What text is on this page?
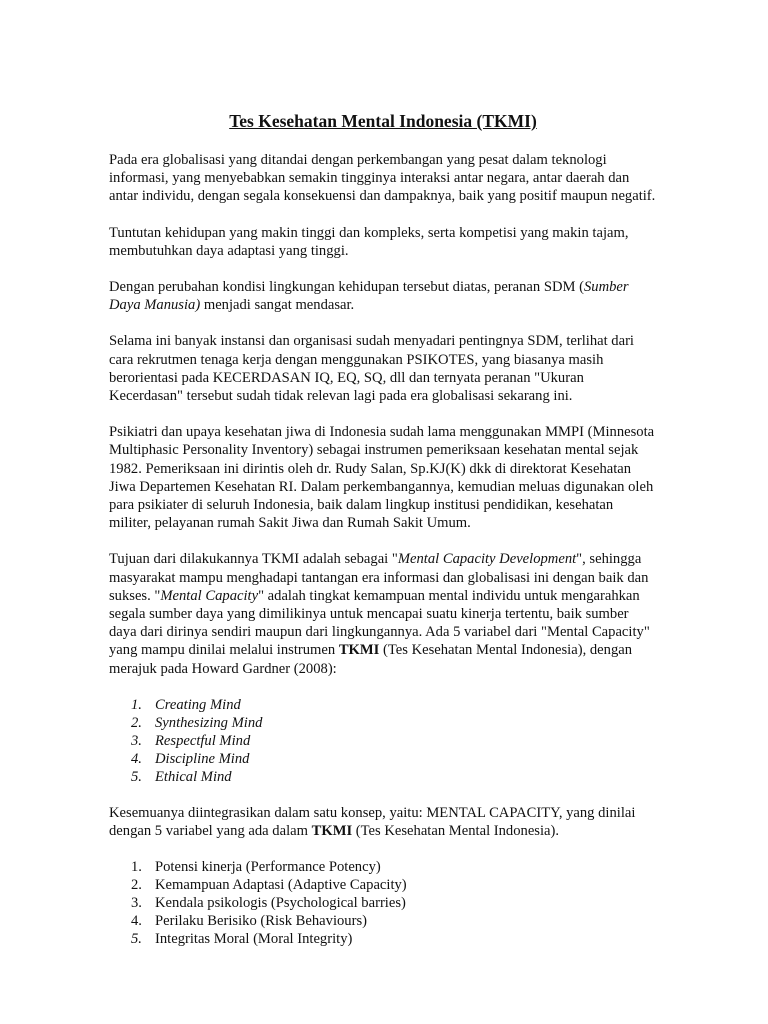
Tes Kesehatan Mental Indonesia (TKMI)

Pada era globalisasi yang ditandai dengan perkembangan yang pesat dalam teknologi informasi, yang menyebabkan semakin tingginya interaksi antar negara, antar daerah dan antar individu, dengan segala konsekuensi dan dampaknya, baik yang positif maupun negatif.

Tuntutan kehidupan yang makin tinggi dan kompleks, serta kompetisi yang makin tajam, membutuhkan daya adaptasi yang tinggi.

Dengan perubahan kondisi lingkungan kehidupan tersebut diatas, peranan SDM (Sumber Daya Manusia) menjadi sangat mendasar.

Selama ini banyak instansi dan organisasi sudah menyadari pentingnya SDM, terlihat dari cara rekrutmen tenaga kerja dengan menggunakan PSIKOTES, yang biasanya masih berorientasi pada KECERDASAN IQ, EQ, SQ, dll dan ternyata peranan "Ukuran Kecerdasan" tersebut sudah tidak relevan lagi pada era globalisasi sekarang ini.

Psikiatri dan upaya kesehatan jiwa di Indonesia sudah lama menggunakan MMPI (Minnesota Multiphasic Personality Inventory) sebagai instrumen pemeriksaan kesehatan mental sejak 1982. Pemeriksaan ini dirintis oleh dr. Rudy Salan, Sp.KJ(K) dkk di direktorat Kesehatan Jiwa Departemen Kesehatan RI. Dalam perkembangannya, kemudian meluas digunakan oleh para psikiater di seluruh Indonesia, baik dalam lingkup institusi pendidikan, kesehatan militer, pelayanan rumah Sakit Jiwa dan Rumah Sakit Umum.

Tujuan dari dilakukannya TKMI adalah sebagai "Mental Capacity Development", sehingga masyarakat mampu menghadapi tantangan era informasi dan globalisasi ini dengan baik dan sukses. "Mental Capacity" adalah tingkat kemampuan mental individu untuk mengarahkan segala sumber daya yang dimilikinya untuk mencapai suatu kinerja tertentu, baik sumber daya dari dirinya sendiri maupun dari lingkungannya. Ada 5 variabel dari "Mental Capacity" yang mampu dinilai melalui instrumen TKMI (Tes Kesehatan Mental Indonesia), dengan merajuk pada Howard Gardner (2008):

1. Creating Mind
2. Synthesizing Mind
3. Respectful Mind
4. Discipline Mind
5. Ethical Mind

Kesemuanya diintegrasikan dalam satu konsep, yaitu: MENTAL CAPACITY, yang dinilai dengan 5 variabel yang ada dalam TKMI (Tes Kesehatan Mental Indonesia).

1. Potensi kinerja (Performance Potency)
2. Kemampuan Adaptasi (Adaptive Capacity)
3. Kendala psikologis (Psychological barries)
4. Perilaku Berisiko (Risk Behaviours)
5. Integritas Moral (Moral Integrity)
